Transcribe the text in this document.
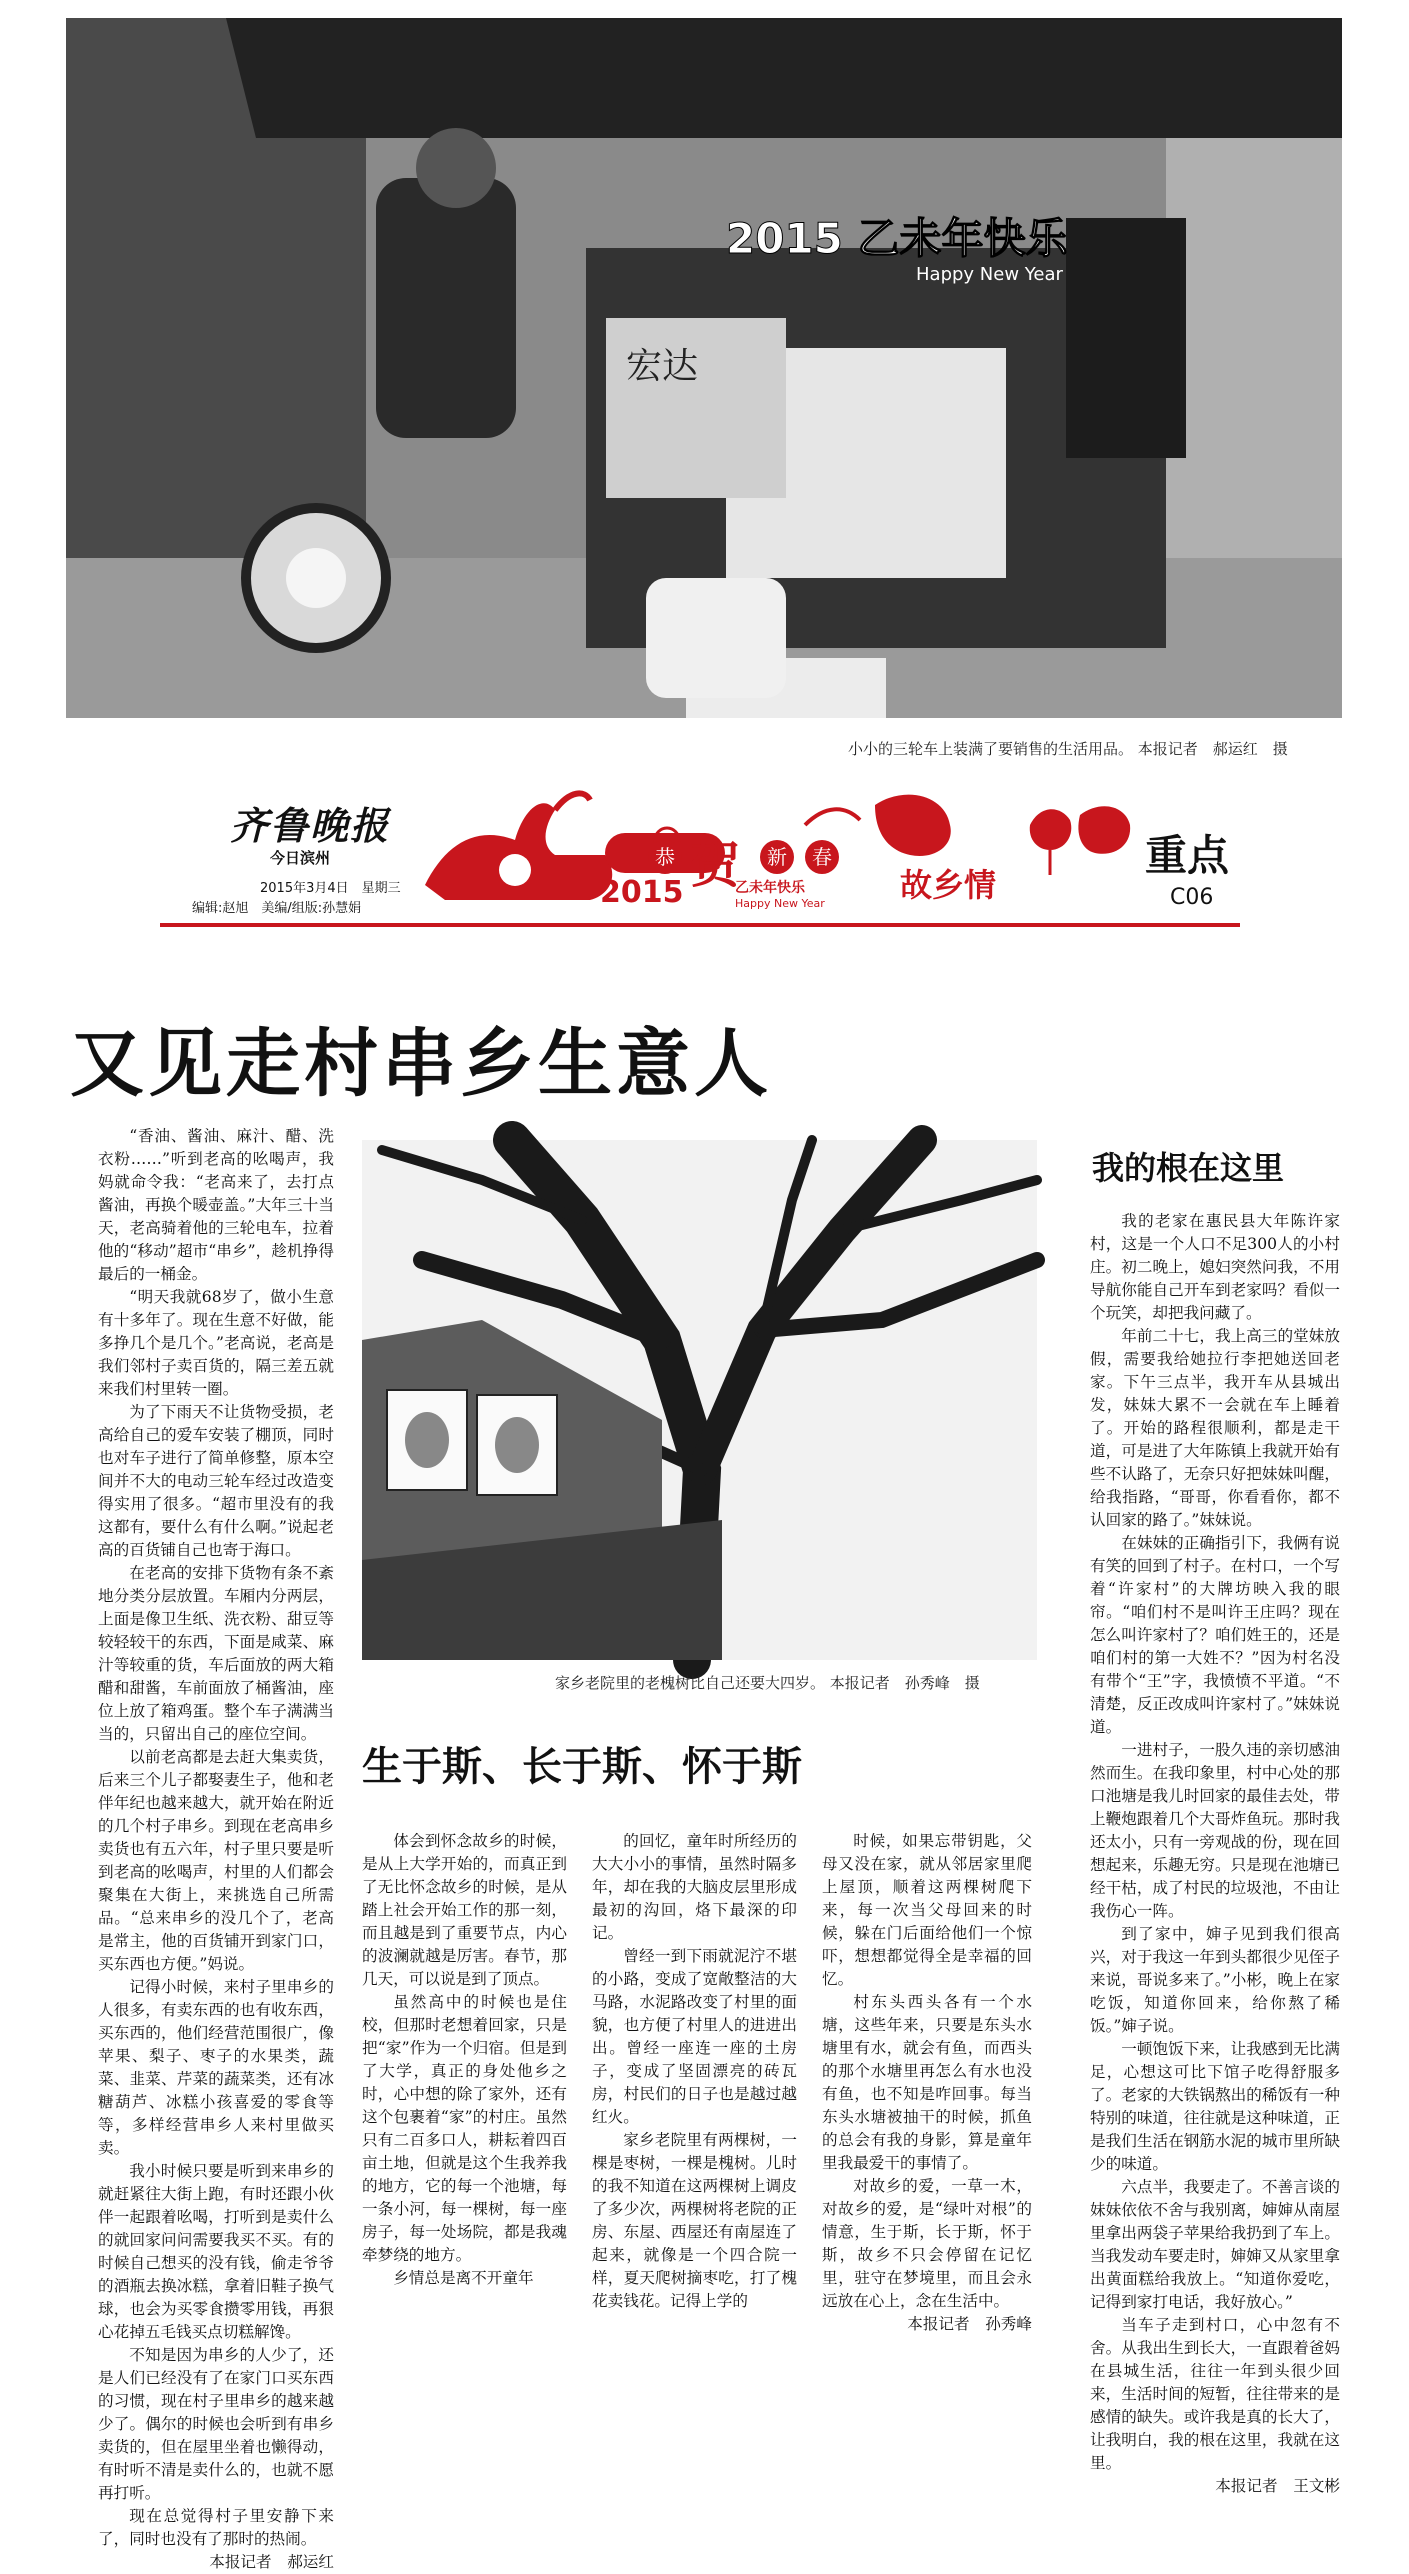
宏达
2015 乙未年快乐
Happy New Year
小小的三轮车上装满了要销售的生活用品。 本报记者　郝运红　摄
齐鲁晚报
今日滨州
2015年3月4日　星期三
编辑:赵旭　美编/组版:孙慧娟
恭 贺	新	春
2015	乙未年快乐
Happy New Year 故乡情
重点
C06
又见走村串乡生意人

“香油、酱油、麻汁、醋、洗衣粉……”听到老高的吆喝声，我妈就命令我：“老高来了，去打点酱油，再换个暖壶盖。”大年三十当天，老高骑着他的三轮电车，拉着他的“移动”超市“串乡”，趁机挣得最后的一桶金。

“明天我就68岁了，做小生意有十多年了。现在生意不好做，能多挣几个是几个。”老高说，老高是我们邻村子卖百货的，隔三差五就来我们村里转一圈。

为了下雨天不让货物受损，老高给自己的爱车安装了棚顶，同时也对车子进行了简单修整，原本空间并不大的电动三轮车经过改造变得实用了很多。“超市里没有的我这都有，要什么有什么啊。”说起老高的百货铺自己也寄于海口。

在老高的安排下货物有条不紊地分类分层放置。车厢内分两层，上面是像卫生纸、洗衣粉、甜豆等较轻较干的东西，下面是咸菜、麻汁等较重的货，车后面放的两大箱醋和甜酱，车前面放了桶酱油，座位上放了箱鸡蛋。整个车子满满当当的，只留出自己的座位空间。

以前老高都是去赶大集卖货，后来三个儿子都娶妻生子，他和老伴年纪也越来越大，就开始在附近的几个村子串乡。到现在老高串乡卖货也有五六年，村子里只要是听到老高的吆喝声，村里的人们都会聚集在大街上，来挑选自己所需品。“总来串乡的没几个了，老高是常主，他的百货铺开到家门口，买东西也方便。”妈说。

记得小时候，来村子里串乡的人很多，有卖东西的也有收东西，买东西的，他们经营范围很广，像苹果、梨子、枣子的水果类，蔬菜、韭菜、芹菜的蔬菜类，还有冰糖葫芦、冰糕小孩喜爱的零食等等，多样经营串乡人来村里做买卖。

我小时候只要是听到来串乡的就赶紧往大街上跑，有时还跟小伙伴一起跟着吆喝，打听到是卖什么的就回家问问需要我买不买。有的时候自己想买的没有钱，偷走爷爷的酒瓶去换冰糕，拿着旧鞋子换气球，也会为买零食攒零用钱，再狠心花掉五毛钱买点切糕解馋。

不知是因为串乡的人少了，还是人们已经没有了在家门口买东西的习惯，现在村子里串乡的越来越少了。偶尔的时候也会听到有串乡卖货的，但在屋里坐着也懒得动，有时听不清是卖什么的，也就不愿再打听。

现在总觉得村子里安静下来了，同时也没有了那时的热闹。

本报记者　郝运红

家乡老院里的老槐树比自己还要大四岁。 本报记者　孙秀峰　摄
生于斯、长于斯、怀于斯

体会到怀念故乡的时候，是从上大学开始的，而真正到了无比怀念故乡的时候，是从踏上社会开始工作的那一刻，而且越是到了重要节点，内心的波澜就越是厉害。春节，那几天，可以说是到了顶点。

虽然高中的时候也是住校，但那时老想着回家，只是把“家”作为一个归宿。但是到了大学，真正的身处他乡之时，心中想的除了家外，还有这个包裹着“家”的村庄。虽然只有二百多口人，耕耘着四百亩土地，但就是这个生我养我的地方，它的每一个池塘，每一条小河，每一棵树，每一座房子，每一处场院，都是我魂牵梦绕的地方。

乡情总是离不开童年

的回忆，童年时所经历的大大小小的事情，虽然时隔多年，却在我的大脑皮层里形成最初的沟回，烙下最深的印记。

曾经一到下雨就泥泞不堪的小路，变成了宽敞整洁的大马路，水泥路改变了村里的面貌，也方便了村里人的进进出出。曾经一座连一座的土房子，变成了坚固漂亮的砖瓦房，村民们的日子也是越过越红火。

家乡老院里有两棵树，一棵是枣树，一棵是槐树。儿时的我不知道在这两棵树上调皮了多少次，两棵树将老院的正房、东屋、西屋还有南屋连了起来，就像是一个四合院一样，夏天爬树摘枣吃，打了槐花卖钱花。记得上学的

时候，如果忘带钥匙，父母又没在家，就从邻居家里爬上屋顶，顺着这两棵树爬下来，每一次当父母回来的时候，躲在门后面给他们一个惊吓，想想都觉得全是幸福的回忆。

村东头西头各有一个水塘，这些年来，只要是东头水塘里有水，就会有鱼，而西头的那个水塘里再怎么有水也没有鱼，也不知是咋回事。每当东头水塘被抽干的时候，抓鱼的总会有我的身影，算是童年里我最爱干的事情了。

对故乡的爱，一草一木，对故乡的爱，是“绿叶对根”的情意，生于斯，长于斯，怀于斯，故乡不只会停留在记忆里，驻守在梦境里，而且会永远放在心上，念在生活中。

本报记者　孙秀峰

我的根在这里

我的老家在惠民县大年陈许家村，这是一个人口不足300人的小村庄。初二晚上，媳妇突然问我，不用导航你能自己开车到老家吗？看似一个玩笑，却把我问藏了。

年前二十七，我上高三的堂妹放假，需要我给她拉行李把她送回老家。下午三点半，我开车从县城出发，妹妹大累不一会就在车上睡着了。开始的路程很顺利，都是走干道，可是进了大年陈镇上我就开始有些不认路了，无奈只好把妹妹叫醒，给我指路，“哥哥，你看看你，都不认回家的路了。”妹妹说。

在妹妹的正确指引下，我俩有说有笑的回到了村子。在村口，一个写着“许家村”的大牌坊映入我的眼帘。“咱们村不是叫许王庄吗？现在怎么叫许家村了？咱们姓王的，还是咱们村的第一大姓不？”因为村名没有带个“王”字，我愤愤不平道。“不清楚，反正改成叫许家村了。”妹妹说道。

一进村子，一股久违的亲切感油然而生。在我印象里，村中心处的那口池塘是我儿时回家的最佳去处，带上鞭炮跟着几个大哥炸鱼玩。那时我还太小，只有一旁观战的份，现在回想起来，乐趣无穷。只是现在池塘已经干枯，成了村民的垃圾池，不由让我伤心一阵。

到了家中，婶子见到我们很高兴，对于我这一年到头都很少见侄子来说，哥说多来了。”小彬，晚上在家吃饭，知道你回来，给你熬了稀饭。”婶子说。

一顿饱饭下来，让我感到无比满足，心想这可比下馆子吃得舒服多了。老家的大铁锅熬出的稀饭有一种特别的味道，往往就是这种味道，正是我们生活在钢筋水泥的城市里所缺少的味道。

六点半，我要走了。不善言谈的妹妹依依不舍与我别离，婶婶从南屋里拿出两袋子苹果给我扔到了车上。当我发动车要走时，婶婶又从家里拿出黄面糕给我放上。“知道你爱吃，记得到家打电话，我好放心。”

当车子走到村口，心中忽有不舍。从我出生到长大，一直跟着爸妈在县城生活，往往一年到头很少回来，生活时间的短暂，往往带来的是感情的缺失。或许我是真的长大了，让我明白，我的根在这里，我就在这里。

本报记者　王文彬
